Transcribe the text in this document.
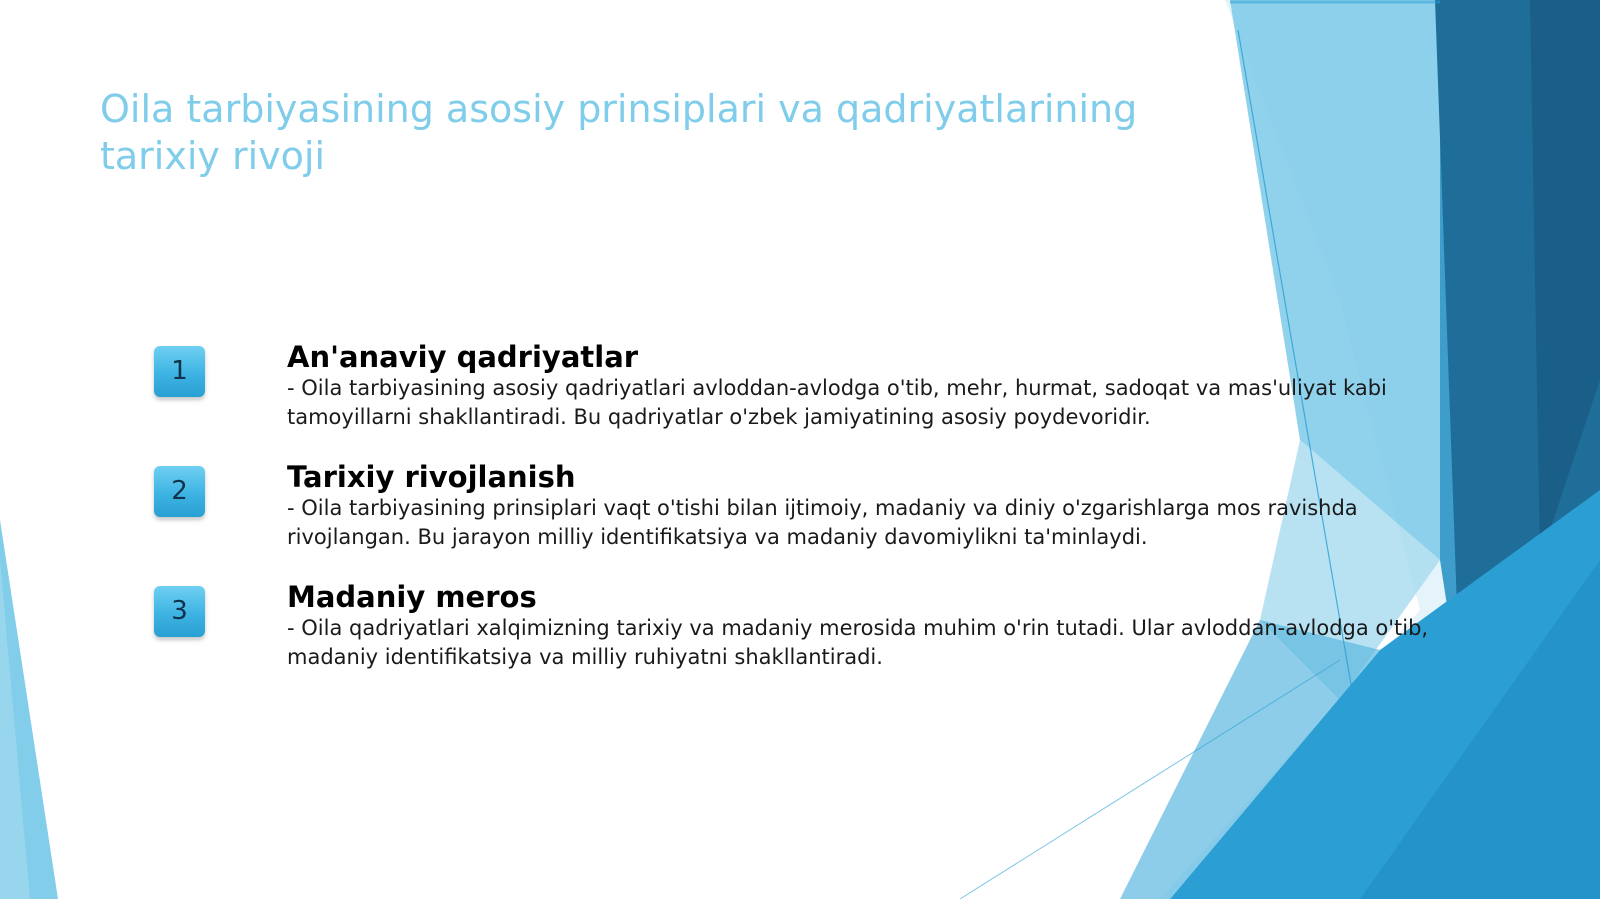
Oila tarbiyasining asosiy prinsiplari va qadriyatlarining tarixiy rivoji
1	An'anaviy qadriyatlar

- Oila tarbiyasining asosiy qadriyatlari avloddan-avlodga o'tib, mehr, hurmat, sadoqat va mas'uliyat kabi tamoyillarni shakllantiradi. Bu qadriyatlar o'zbek jamiyatining asosiy poydevoridir.

2	Tarixiy rivojlanish

- Oila tarbiyasining prinsiplari vaqt o'tishi bilan ijtimoiy, madaniy va diniy o'zgarishlarga mos ravishda rivojlangan. Bu jarayon milliy identifikatsiya va madaniy davomiylikni ta'minlaydi.

3	Madaniy meros

- Oila qadriyatlari xalqimizning tarixiy va madaniy merosida muhim o'rin tutadi. Ular avloddan-avlodga o'tib, madaniy identifikatsiya va milliy ruhiyatni shakllantiradi.
